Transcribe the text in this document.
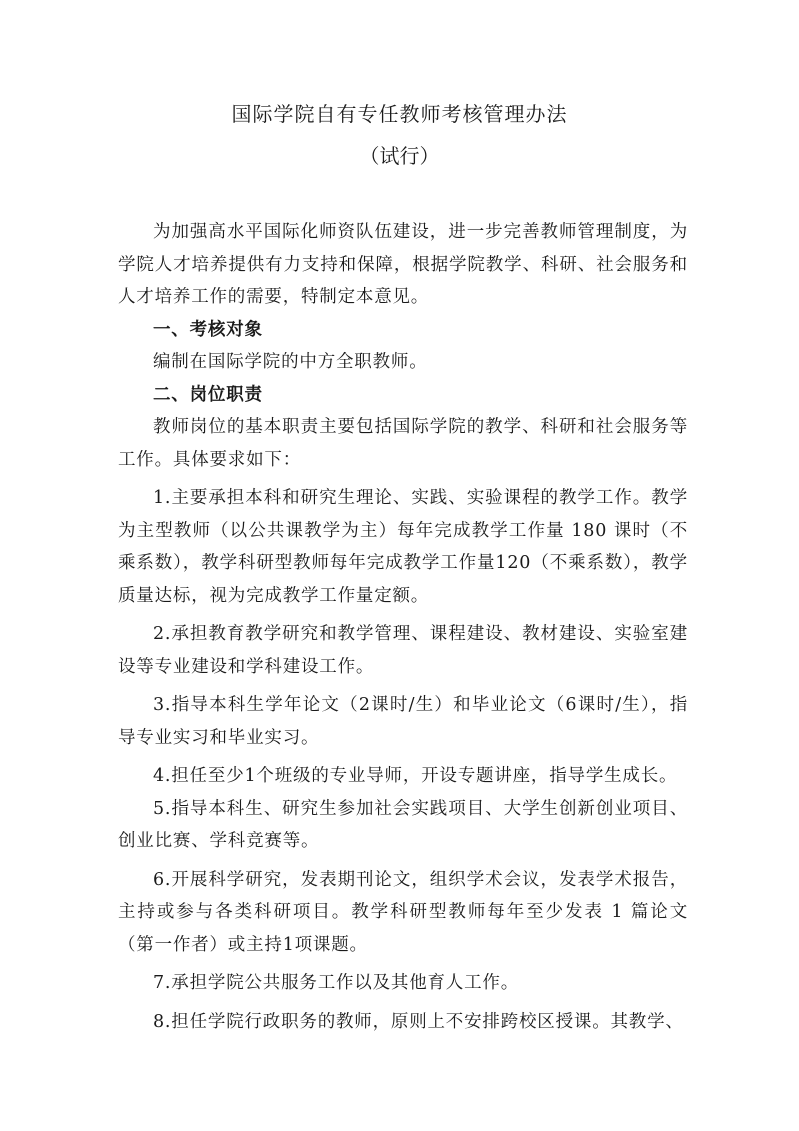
国际学院自有专任教师考核管理办法
（试行）

为加强高水平国际化师资队伍建设，进一步完善教师管理制度，为学院人才培养提供有力支持和保障，根据学院教学、科研、社会服务和人才培养工作的需要，特制定本意见。

一、考核对象

编制在国际学院的中方全职教师。

二、岗位职责

教师岗位的基本职责主要包括国际学院的教学、科研和社会服务等工作。具体要求如下：

1.主要承担本科和研究生理论、实践、实验课程的教学工作。教学为主型教师（以公共课教学为主）每年完成教学工作量 180 课时（不乘系数），教学科研型教师每年完成教学工作量120（不乘系数），教学质量达标，视为完成教学工作量定额。

2.承担教育教学研究和教学管理、课程建设、教材建设、实验室建设等专业建设和学科建设工作。

3.指导本科生学年论文（2课时/生）和毕业论文（6课时/生），指导专业实习和毕业实习。

4.担任至少1个班级的专业导师，开设专题讲座，指导学生成长。

5.指导本科生、研究生参加社会实践项目、大学生创新创业项目、创业比赛、学科竞赛等。

6.开展科学研究，发表期刊论文，组织学术会议，发表学术报告，主持或参与各类科研项目。教学科研型教师每年至少发表 1 篇论文（第一作者）或主持1项课题。

7.承担学院公共服务工作以及其他育人工作。

8.担任学院行政职务的教师，原则上不安排跨校区授课。其教学、
